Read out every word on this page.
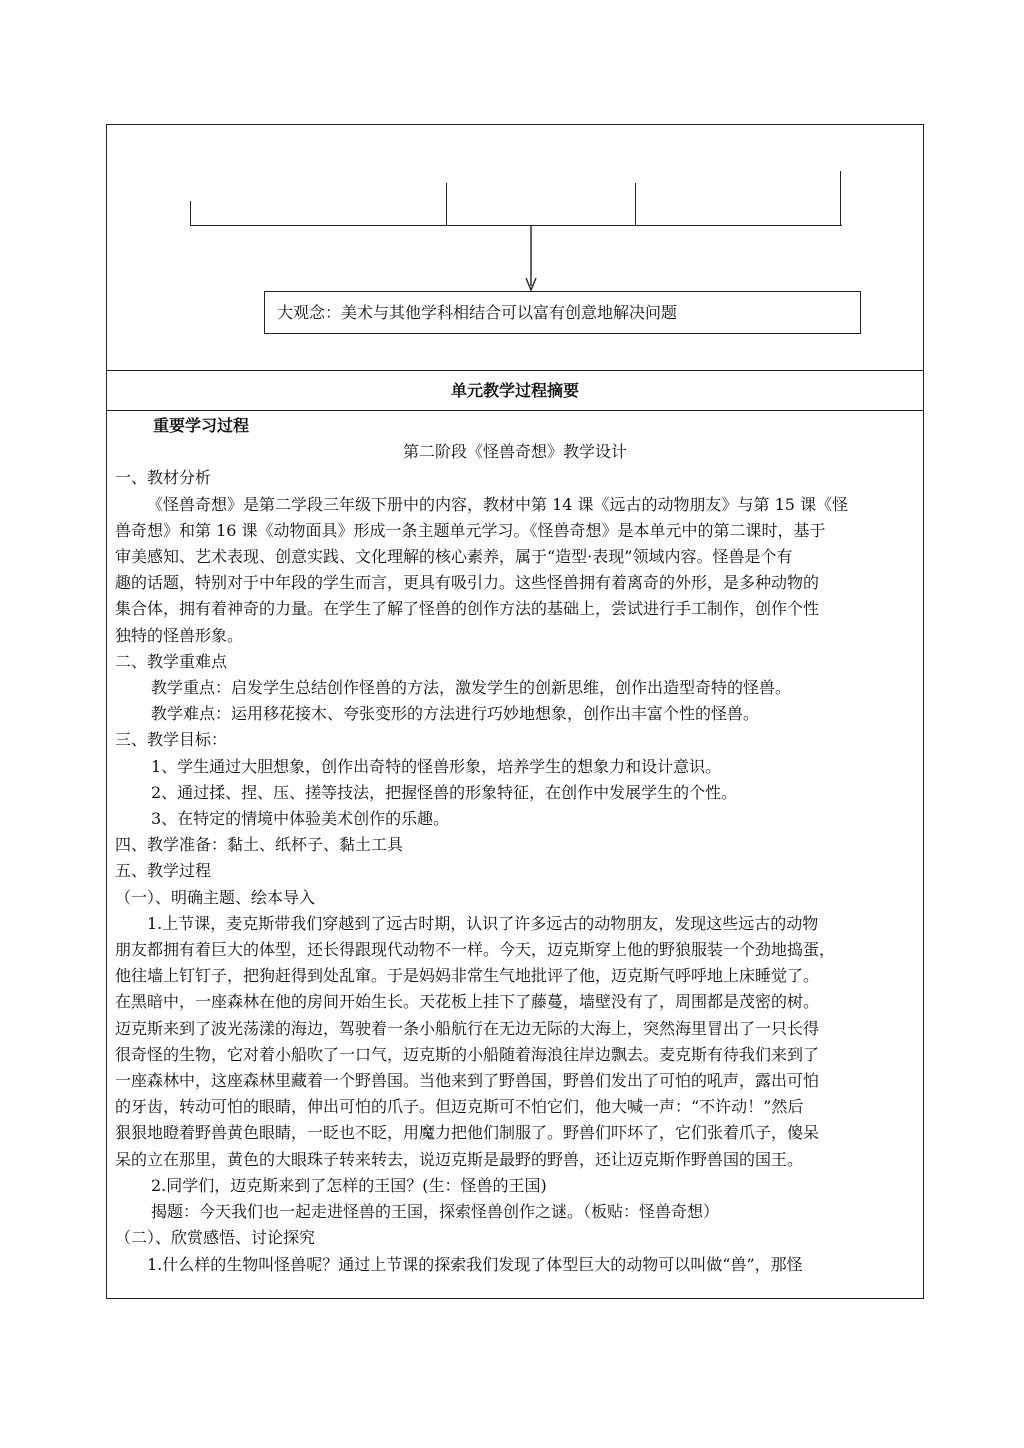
大观念：美术与其他学科相结合可以富有创意地解决问题
单元教学过程摘要

重要学习过程

第二阶段《怪兽奇想》教学设计

一、教材分析

《怪兽奇想》是第二学段三年级下册中的内容，教材中第 14 课《远古的动物朋友》与第 15 课《怪

兽奇想》和第 16 课《动物面具》形成一条主题单元学习。《怪兽奇想》是本单元中的第二课时，基于

审美感知、艺术表现、创意实践、文化理解的核心素养，属于“造型·表现”领域内容。怪兽是个有

趣的话题，特别对于中年段的学生而言，更具有吸引力。这些怪兽拥有着离奇的外形，是多种动物的

集合体，拥有着神奇的力量。在学生了解了怪兽的创作方法的基础上，尝试进行手工制作，创作个性

独特的怪兽形象。

二、教学重难点

教学重点：启发学生总结创作怪兽的方法，激发学生的创新思维，创作出造型奇特的怪兽。

教学难点：运用移花接木、夸张变形的方法进行巧妙地想象，创作出丰富个性的怪兽。

三、教学目标：

1、学生通过大胆想象，创作出奇特的怪兽形象，培养学生的想象力和设计意识。

2、通过揉、捏、压、搓等技法，把握怪兽的形象特征，在创作中发展学生的个性。

3、在特定的情境中体验美术创作的乐趣。

四、教学准备：黏土、纸杯子、黏土工具

五、教学过程

（一）、明确主题、绘本导入

1.上节课，麦克斯带我们穿越到了远古时期，认识了许多远古的动物朋友，发现这些远古的动物

朋友都拥有着巨大的体型，还长得跟现代动物不一样。今天，迈克斯穿上他的野狼服装一个劲地捣蛋，

他往墙上钉钉子，把狗赶得到处乱窜。于是妈妈非常生气地批评了他，迈克斯气呼呼地上床睡觉了。

在黑暗中，一座森林在他的房间开始生长。天花板上挂下了藤蔓，墙壁没有了，周围都是茂密的树。

迈克斯来到了波光荡漾的海边，驾驶着一条小船航行在无边无际的大海上，突然海里冒出了一只长得

很奇怪的生物，它对着小船吹了一口气，迈克斯的小船随着海浪往岸边飘去。麦克斯有待我们来到了

一座森林中，这座森林里藏着一个野兽国。当他来到了野兽国，野兽们发出了可怕的吼声，露出可怕

的牙齿，转动可怕的眼睛，伸出可怕的爪子。但迈克斯可不怕它们，他大喊一声：“不许动！”然后

狠狠地瞪着野兽黄色眼睛，一眨也不眨，用魔力把他们制服了。野兽们吓坏了，它们张着爪子，傻呆

呆的立在那里，黄色的大眼珠子转来转去，说迈克斯是最野的野兽，还让迈克斯作野兽国的国王。

2.同学们，迈克斯来到了怎样的王国？(生：怪兽的王国)

揭题：今天我们也一起走进怪兽的王国，探索怪兽创作之谜。（板贴：怪兽奇想）

（二）、欣赏感悟、讨论探究

1.什么样的生物叫怪兽呢？通过上节课的探索我们发现了体型巨大的动物可以叫做“兽”，那怪
